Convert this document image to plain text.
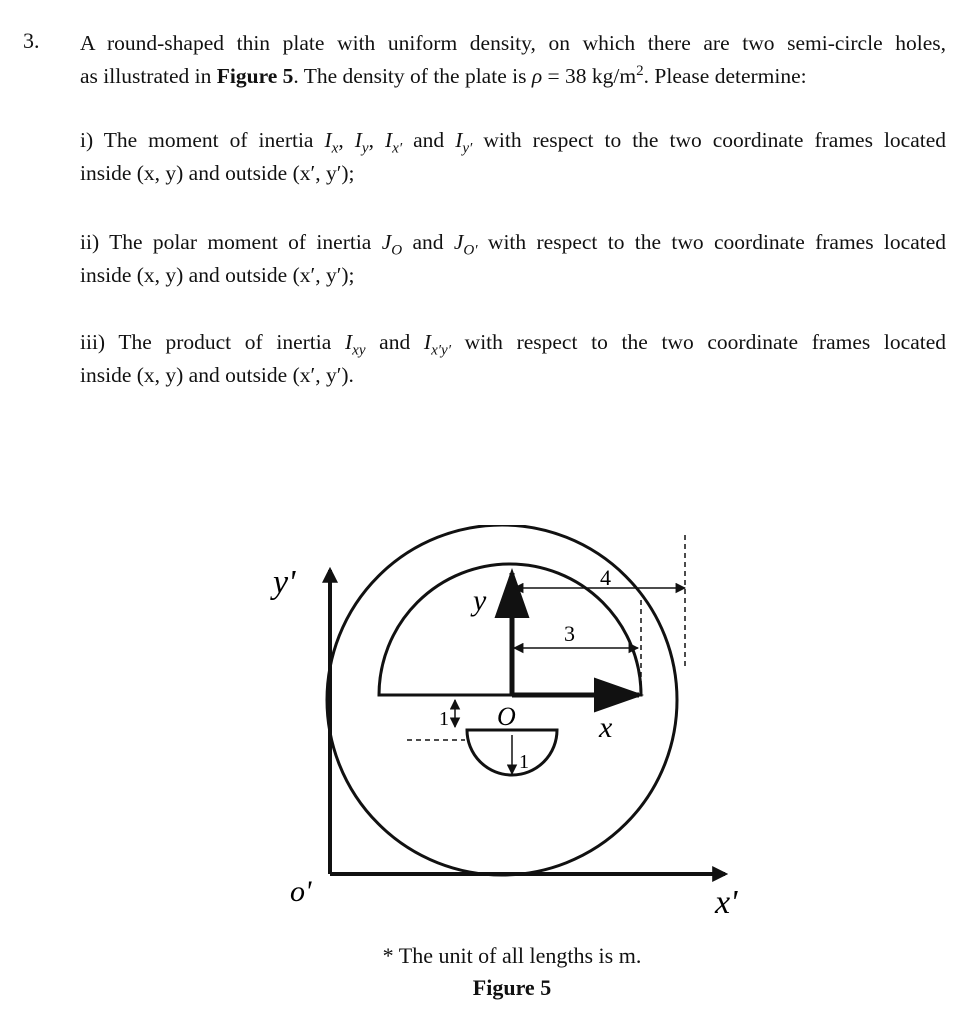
3. A round-shaped thin plate with uniform density, on which there are two semi-circle holes,
as illustrated in Figure 5. The density of the plate is ρ = 38 $kg/m^2$. Please determine:
i) The moment of inertia $I_x$, $I_y$, $I_{x'}$ and $I_{y'}$ with respect to the two coordinate frames located
inside (x, y) and outside (x′, y′);
ii) The polar moment of inertia $J_O$ and $J_{O'}$ with respect to the two coordinate frames located
inside (x, y) and outside (x′, y′);
iii) The product of inertia $I_{xy}$ and $I_{x'y'}$ with respect to the two coordinate frames located
inside (x, y) and outside (x′, y′).
y'
x'
o'
y
x
O
4
3
1
1
* The unit of all lengths is m.
Figure 5
